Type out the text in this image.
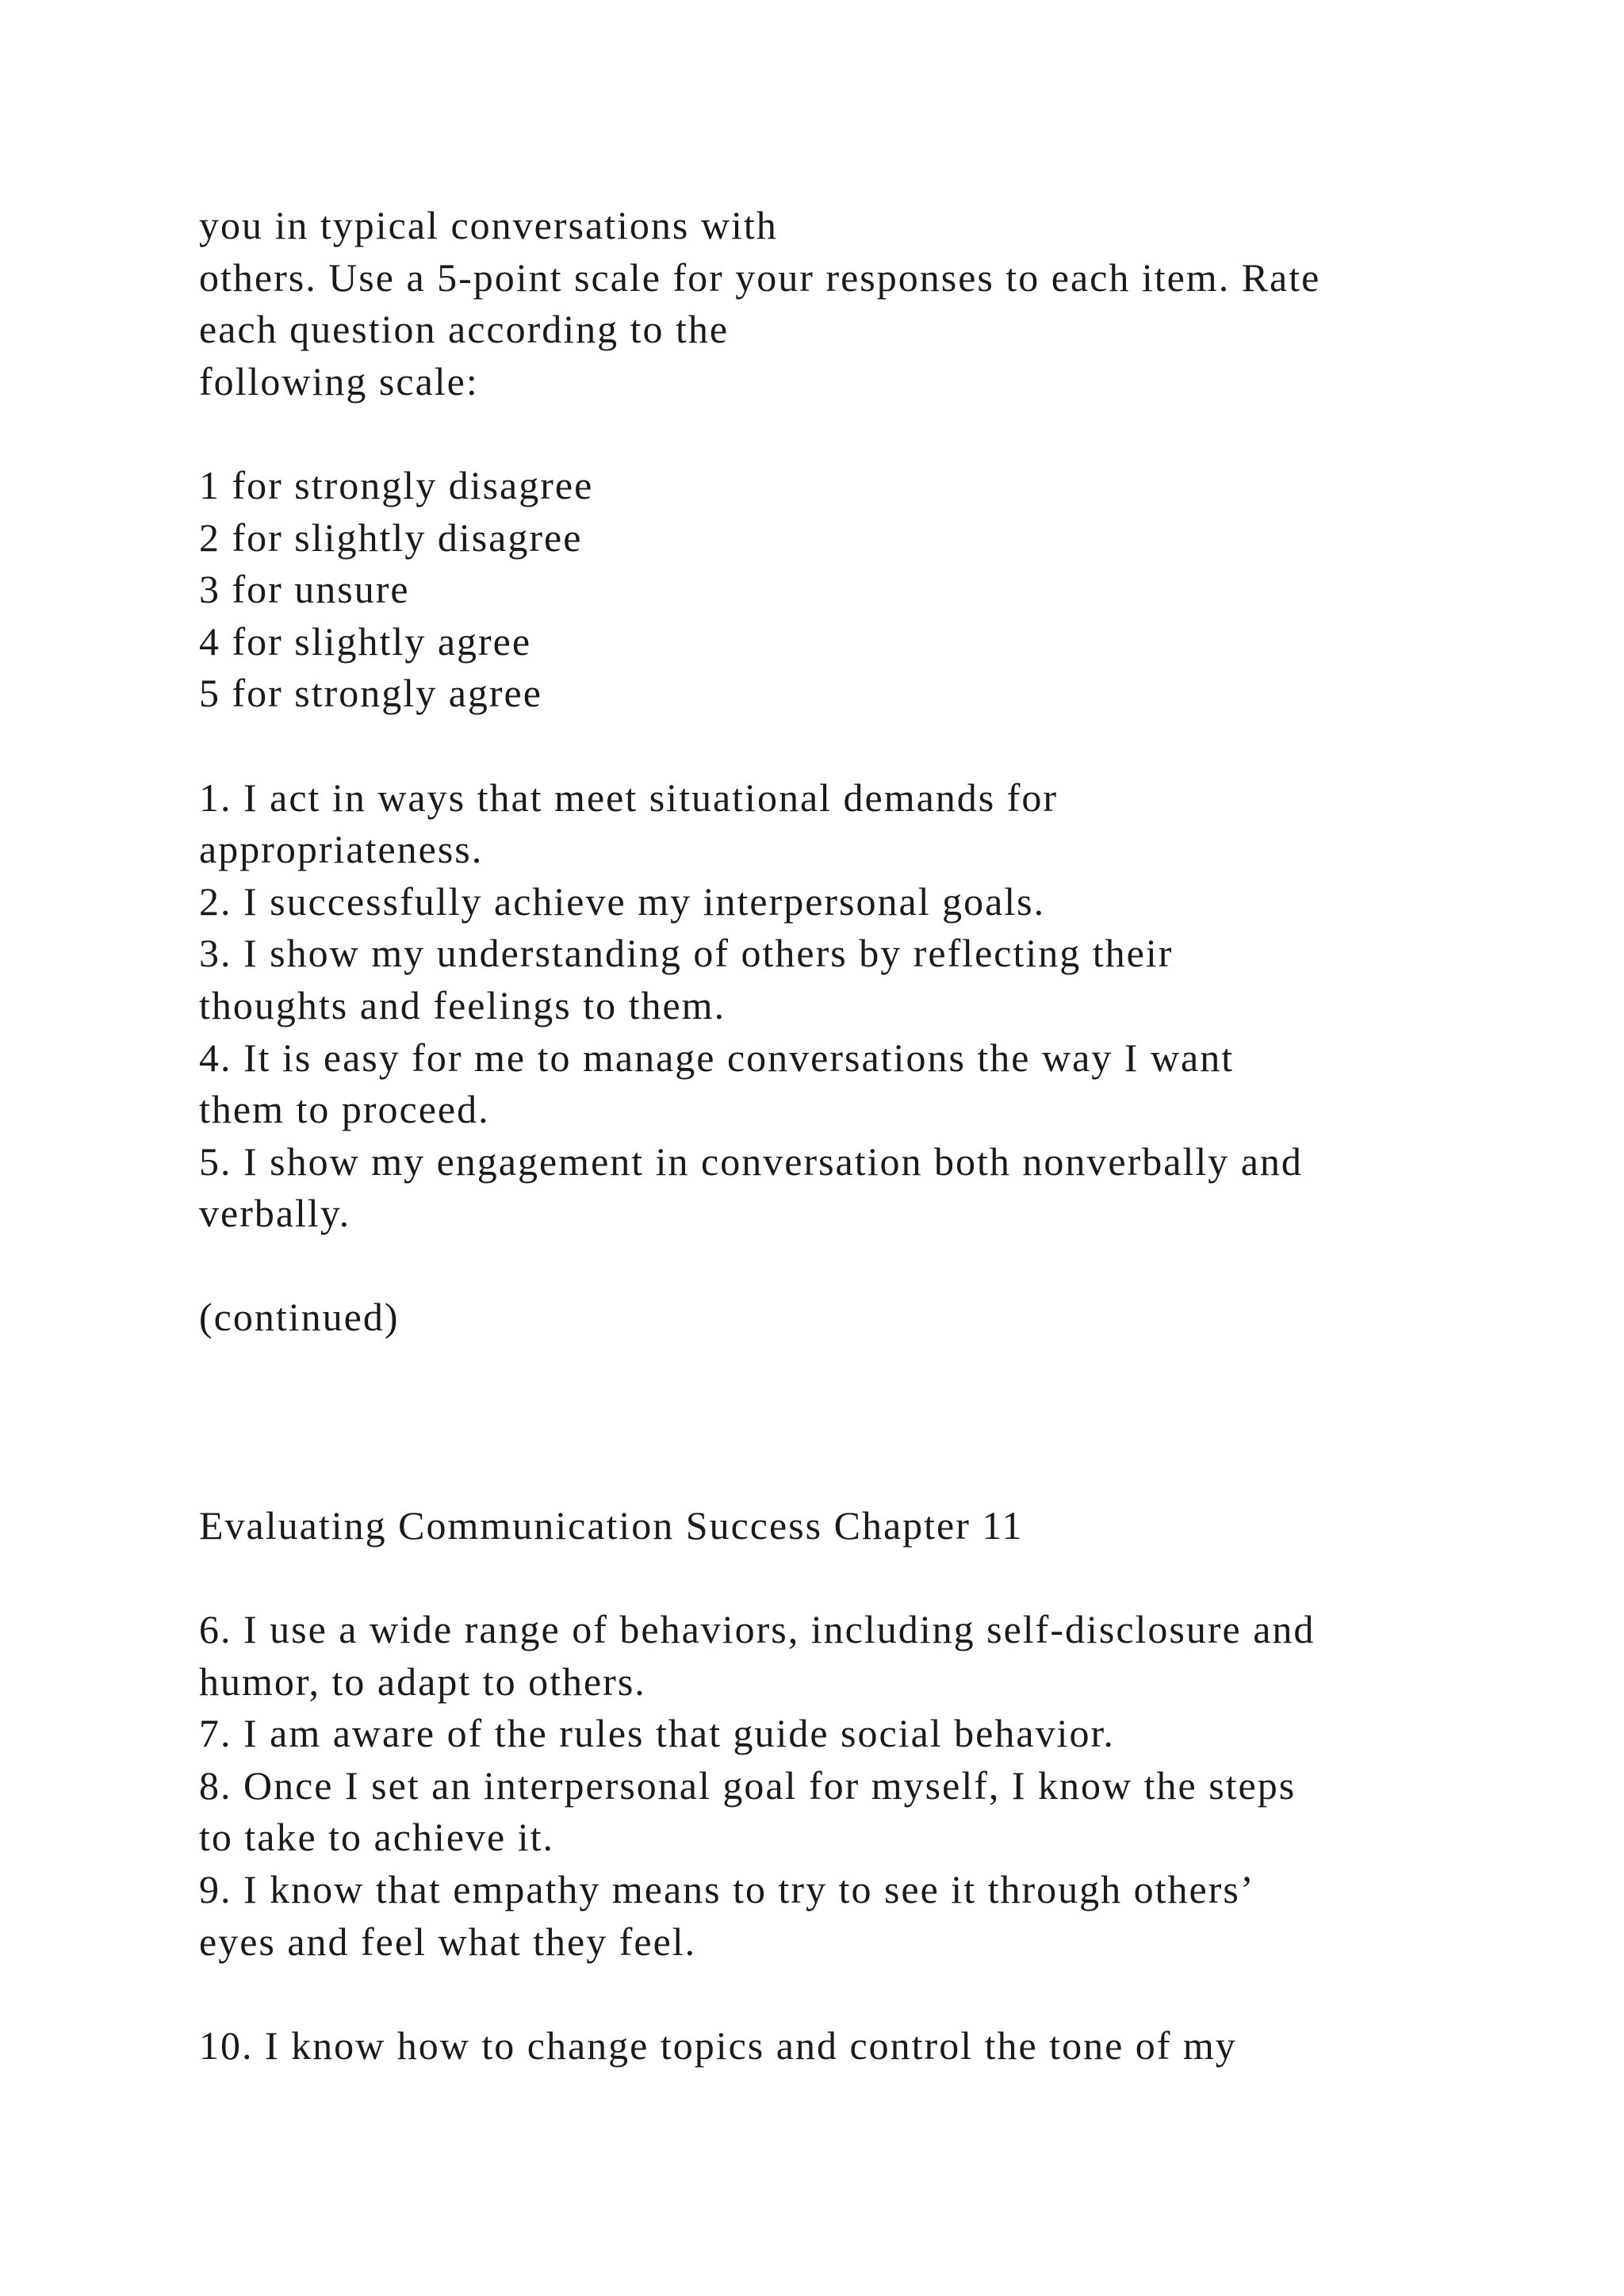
you in typical conversations with
others. Use a 5-point scale for your responses to each item. Rate
each question according to the
following scale:
1 for strongly disagree
2 for slightly disagree
3 for unsure
4 for slightly agree
5 for strongly agree
1. I act in ways that meet situational demands for
appropriateness.
2. I successfully achieve my interpersonal goals.
3. I show my understanding of others by reflecting their
thoughts and feelings to them.
4. It is easy for me to manage conversations the way I want
them to proceed.
5. I show my engagement in conversation both nonverbally and
verbally.
(continued)
Evaluating Communication Success Chapter 11
6. I use a wide range of behaviors, including self-disclosure and
humor, to adapt to others.
7. I am aware of the rules that guide social behavior.
8. Once I set an interpersonal goal for myself, I know the steps
to take to achieve it.
9. I know that empathy means to try to see it through others’
eyes and feel what they feel.
10. I know how to change topics and control the tone of my
